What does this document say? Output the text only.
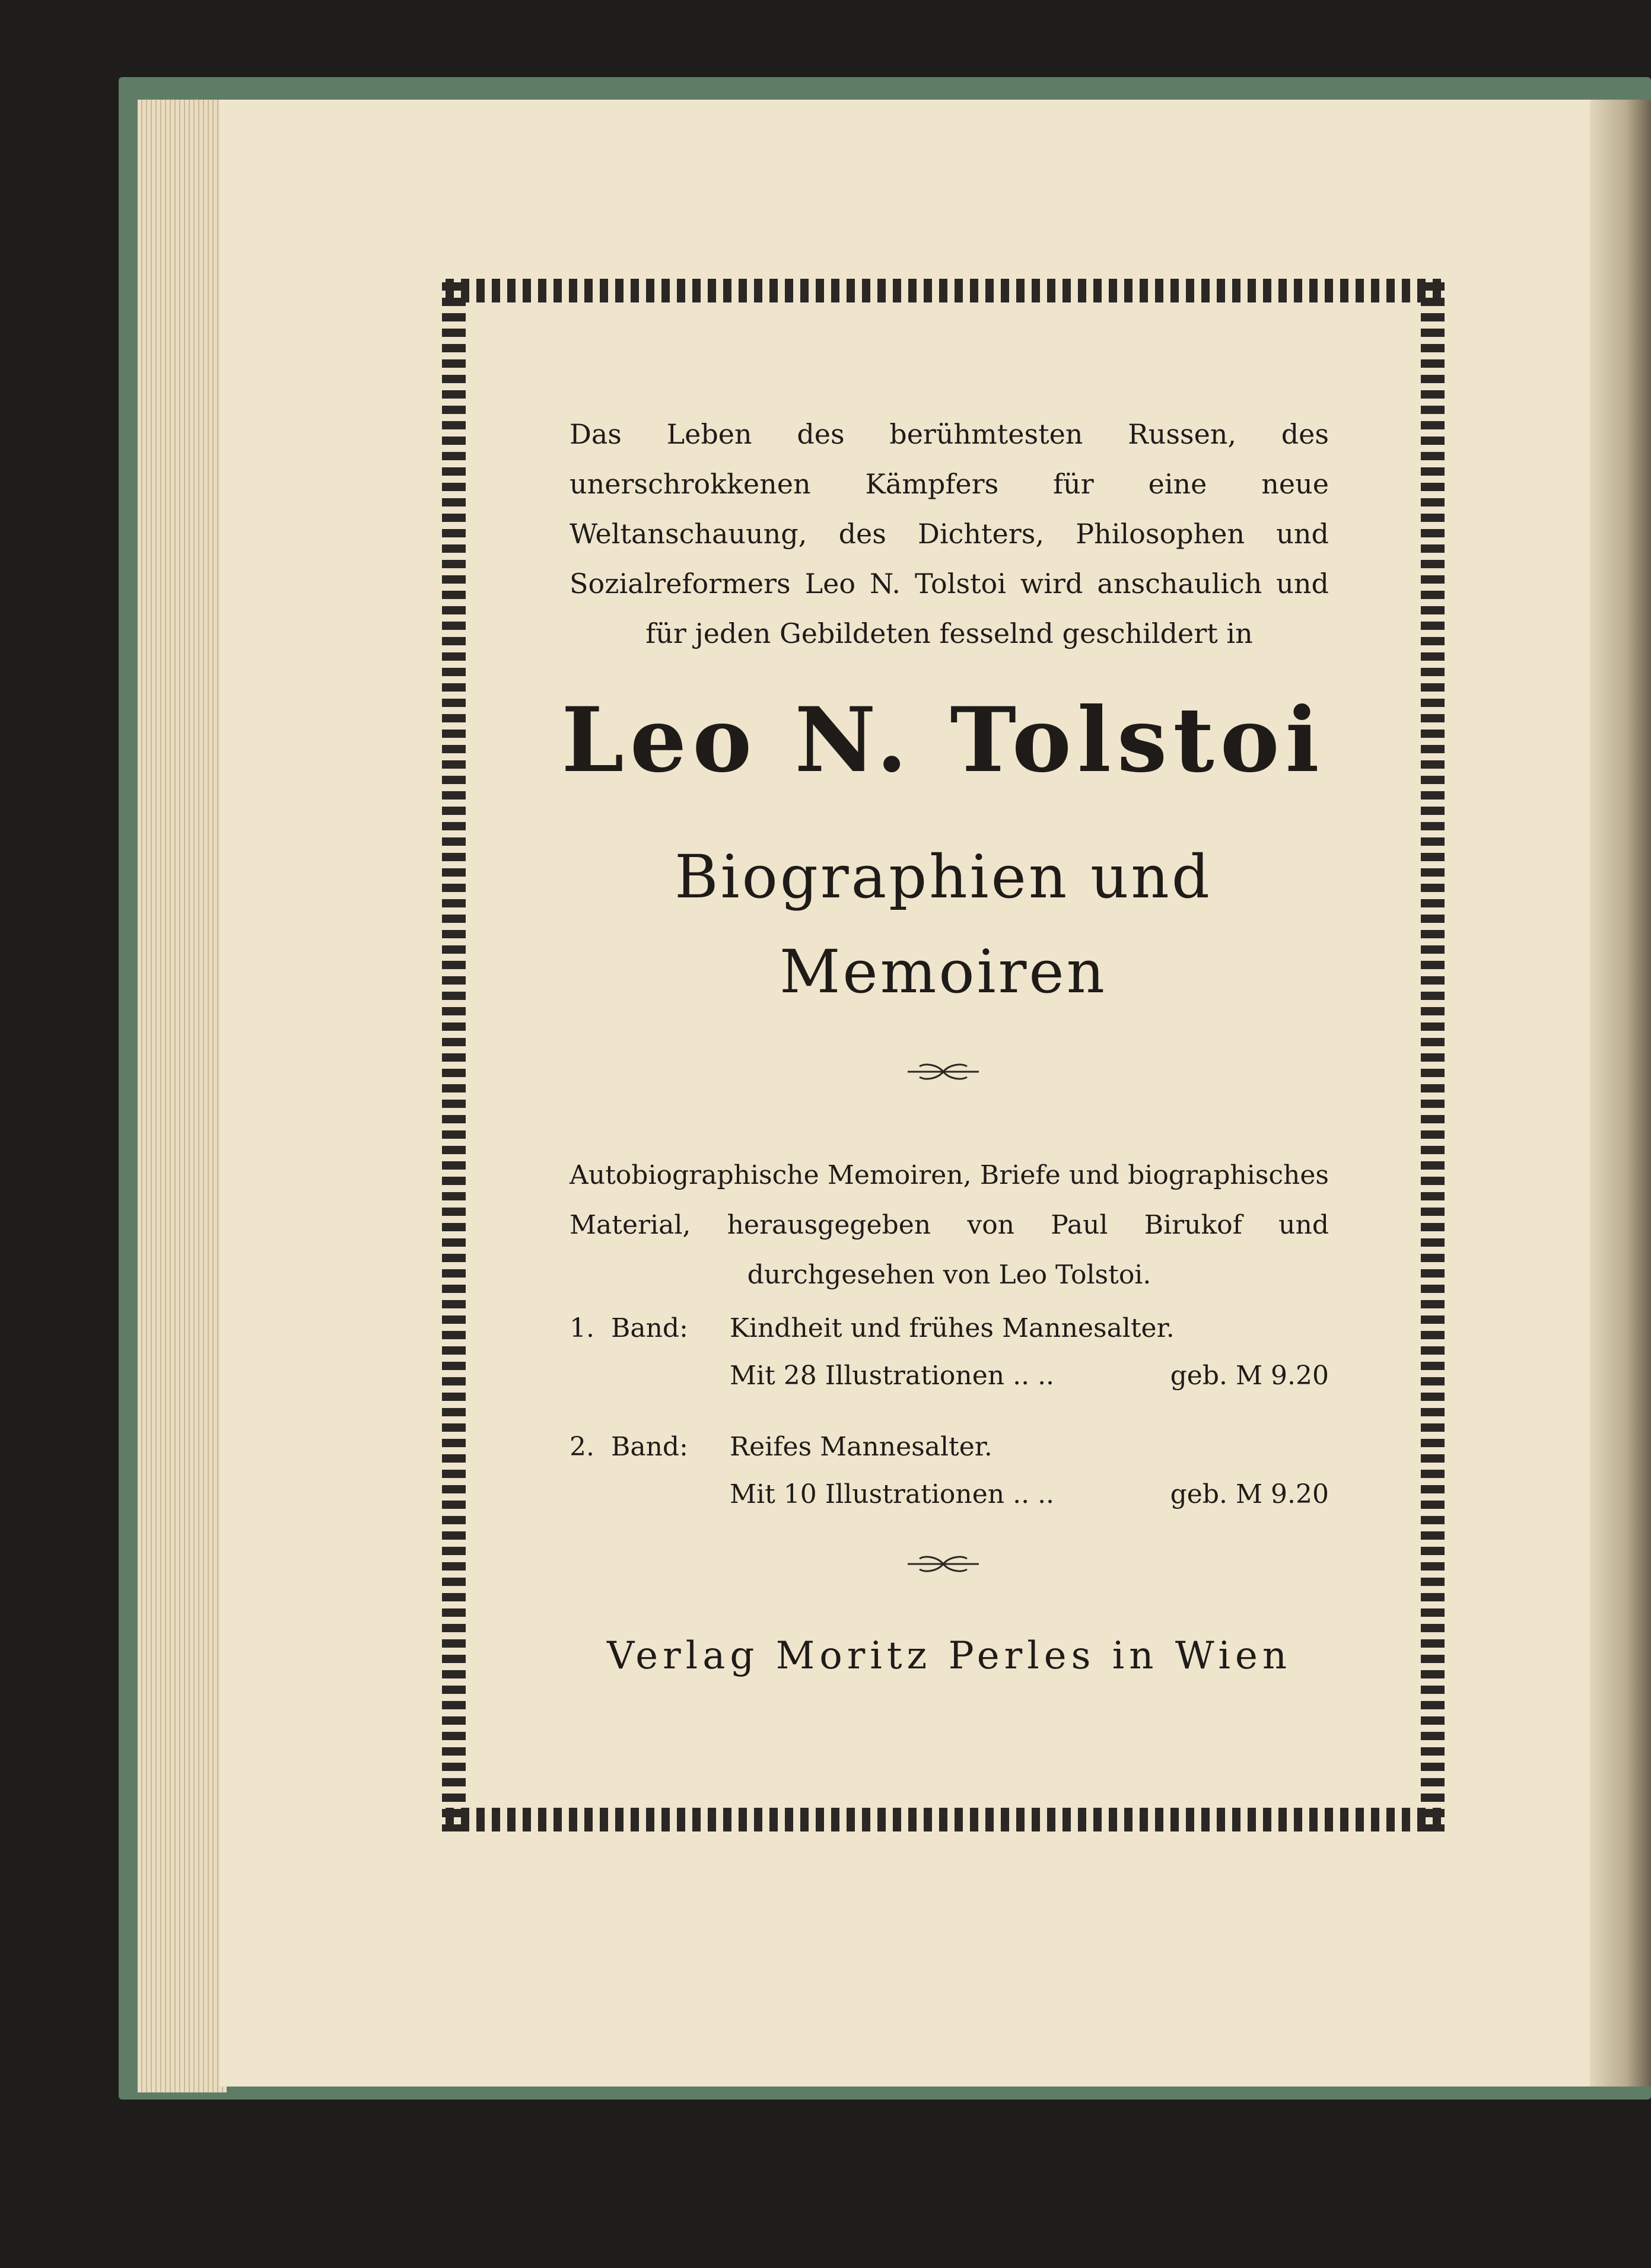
Das Leben des berühmtesten Russen, des unerschrokkenen Kämpfers für eine neue Weltanschauung, des Dichters, Philosophen und Sozialreformers Leo N. Tolstoi wird anschaulich und für jeden Gebildeten fesselnd geschildert in
Leo N. Tolstoi
Biographien und
Memoiren
Autobiographische Memoiren, Briefe und biographisches Material, herausgegeben von Paul Birukof und durchgesehen von Leo Tolstoi.
1. Band:	Kindheit und frühes Mannesalter.
Mit 28 Illustrationen .. ..	geb. M 9.20
2. Band:	Reifes Mannesalter.
Mit 10 Illustrationen .. ..	geb. M 9.20
Verlag Moritz Perles in Wien
